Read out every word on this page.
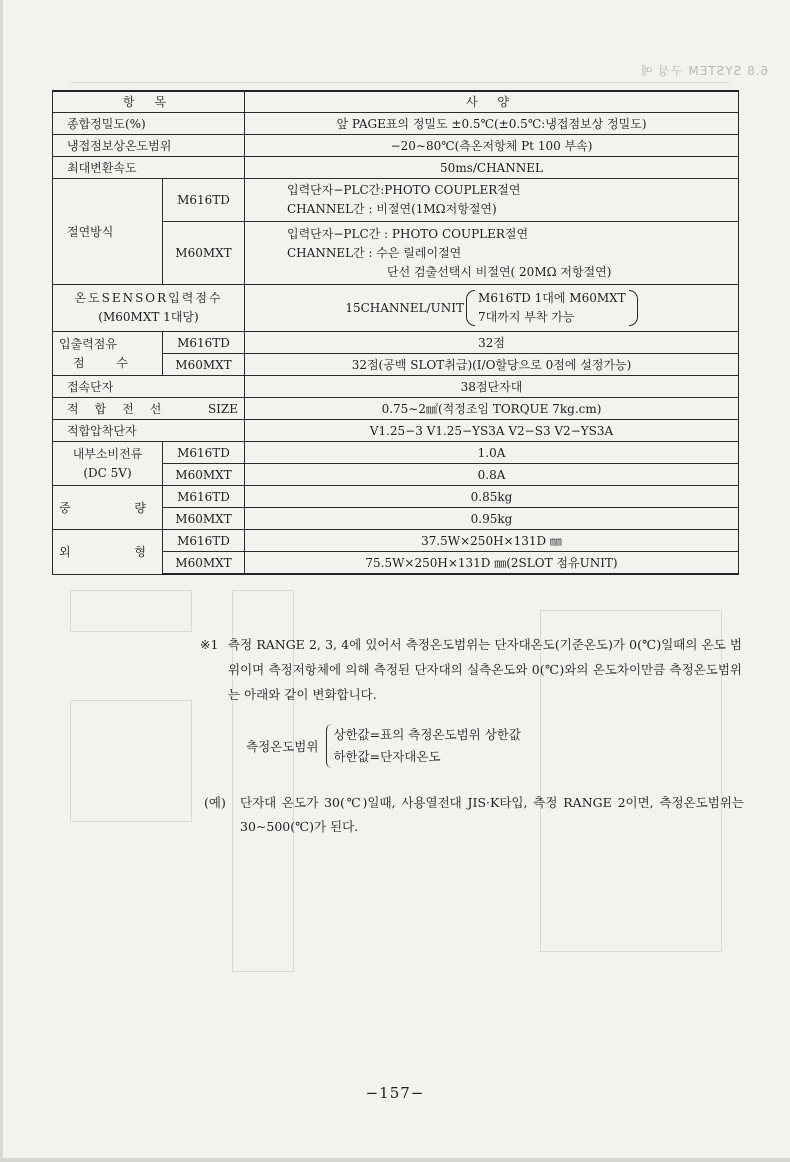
6.8 SYSTEM 구성 예
항 목		사 양
종합정밀도(%)		앞 PAGE표의 정밀도 ±0.5℃(±0.5℃:냉접점보상 정밀도)
냉접점보상온도범위		−20∼80℃(측온저항체 Pt 100 부속)
최대변환속도		50ms/CHANNEL
절연방식	M616TD	입력단자−PLC간:PHOTO COUPLER절연
CHANNEL간 : 비절연(1MΩ저항절연)

	M60MXT	입력단자−PLC간 : PHOTO COUPLER절연
CHANNEL간 : 수은 릴레이절연
단선 검출선택시 비절연( 20MΩ 저항절연)

온도SENSOR입력점수
(M60MXT 1대당)		15CHANNEL/UNIT
M616TD 1대에 M60MXT
7대까지 부착 가능

입출력점유
점 수	M616TD	32점
	M60MXT	32점(공백 SLOT취급)(I/O할당으로 0점에 설정가능)
접속단자		38점단자대
적합전선 SIZE		0.75∼2㎟(적정조임 TORQUE 7kg.cm)
적합압착단자		V1.25−3 V1.25−YS3A V2−S3 V2−YS3A

내부소비전류
(DC 5V)	M616TD	1.0A
	M60MXT	0.8A
중 량	M616TD	0.85kg
	M60MXT	0.95kg
외 형	M616TD	37.5W×250H×131D ㎜
	M60MXT	75.5W×250H×131D ㎜(2SLOT 점유UNIT)
※1 측정 RANGE 2, 3, 4에 있어서 측정온도범위는 단자대온도(기준온도)가 0(℃)일때의 온도 범위이며 측정저항체에 의해 측정된 단자대의 실측온도와 0(℃)와의 온도차이만큼 측정온도범위는 아래와 같이 변화합니다.
측정온도범위
상한값=표의 측정온도범위 상한값
하한값=단자대온도
(예)	단자대 온도가 30(℃)일때, 사용열전대 JIS·K타입, 측정 RANGE 2이면, 측정온도범위는 30∼500(℃)가 된다.
−157−
